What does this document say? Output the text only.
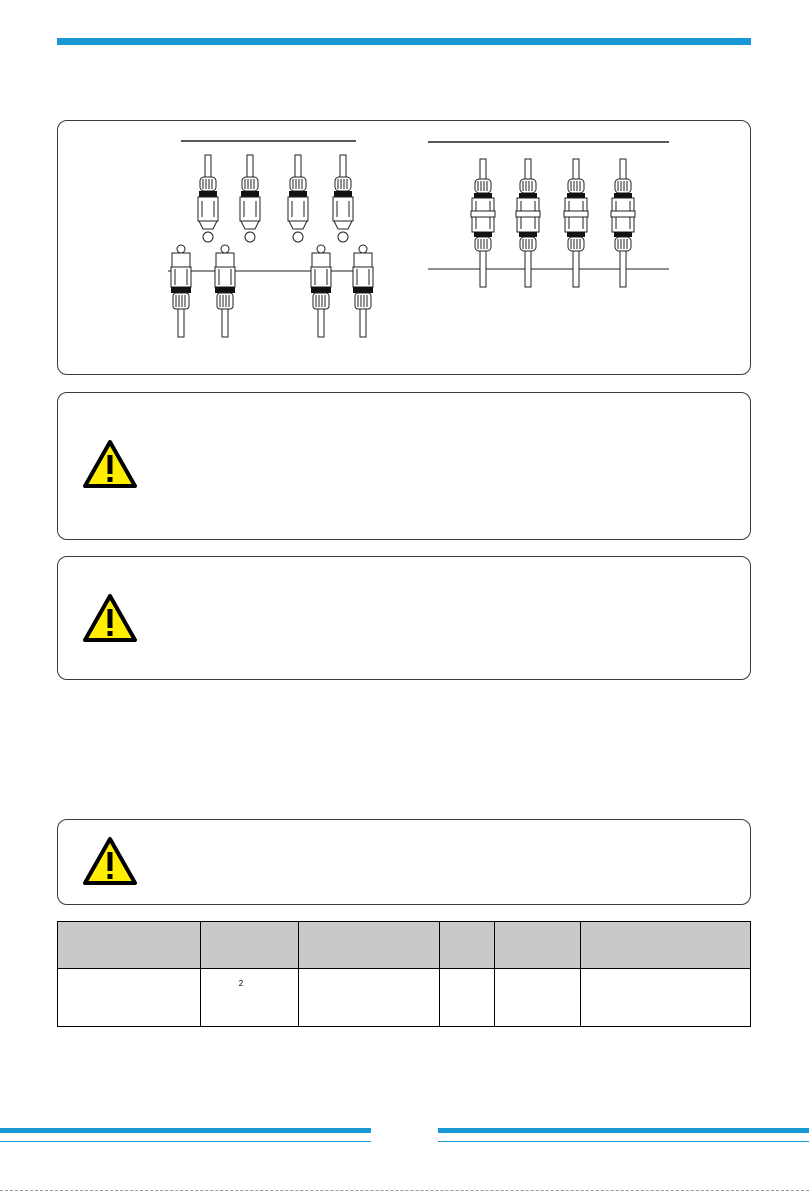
	2				
